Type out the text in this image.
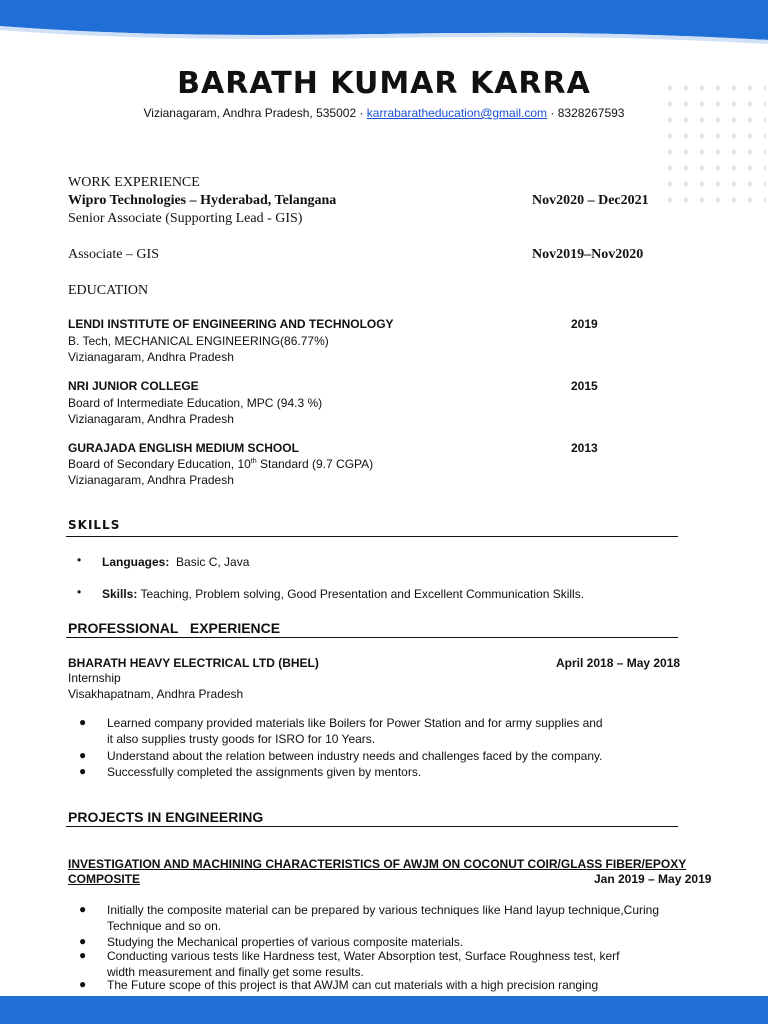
BARATH KUMAR KARRA
Vizianagaram, Andhra Pradesh, 535002 · karrabaratheducation@gmail.com · 8328267593
WORK EXPERIENCE
Wipro Technologies – Hyderabad, Telangana	Nov2020 – Dec2021
Senior Associate (Supporting Lead - GIS)
Associate – GIS	Nov2019–Nov2020
EDUCATION
LENDI INSTITUTE OF ENGINEERING AND TECHNOLOGY	2019
B. Tech, MECHANICAL ENGINEERING(86.77%)
Vizianagaram, Andhra Pradesh
NRI JUNIOR COLLEGE	2015
Board of Intermediate Education, MPC (94.3 %)
Vizianagaram, Andhra Pradesh
GURAJADA ENGLISH MEDIUM SCHOOL	2013
Board of Secondary Education, 10th Standard (9.7 CGPA)
Vizianagaram, Andhra Pradesh
SKILLS
• Languages: Basic C, Java
• Skills: Teaching, Problem solving, Good Presentation and Excellent Communication Skills.
PROFESSIONAL   EXPERIENCE
BHARATH HEAVY ELECTRICAL LTD (BHEL)	April 2018 – May 2018
Internship
Visakhapatnam, Andhra Pradesh
● Learned company provided materials like Boilers for Power Station and for army supplies and it also supplies trusty goods for ISRO for 10 Years.
● Understand about the relation between industry needs and challenges faced by the company.
● Successfully completed the assignments given by mentors.
PROJECTS IN ENGINEERING
INVESTIGATION AND MACHINING CHARACTERISTICS OF AWJM ON COCONUT COIR/GLASS FIBER/EPOXY
COMPOSITE	Jan 2019 – May 2019
● Initially the composite material can be prepared by various techniques like Hand layup technique,Curing Technique and so on.
● Studying the Mechanical properties of various composite materials.
● Conducting various tests like Hardness test, Water Absorption test, Surface Roughness test, kerf width measurement and finally get some results.
● The Future scope of this project is that AWJM can cut materials with a high precision ranging
